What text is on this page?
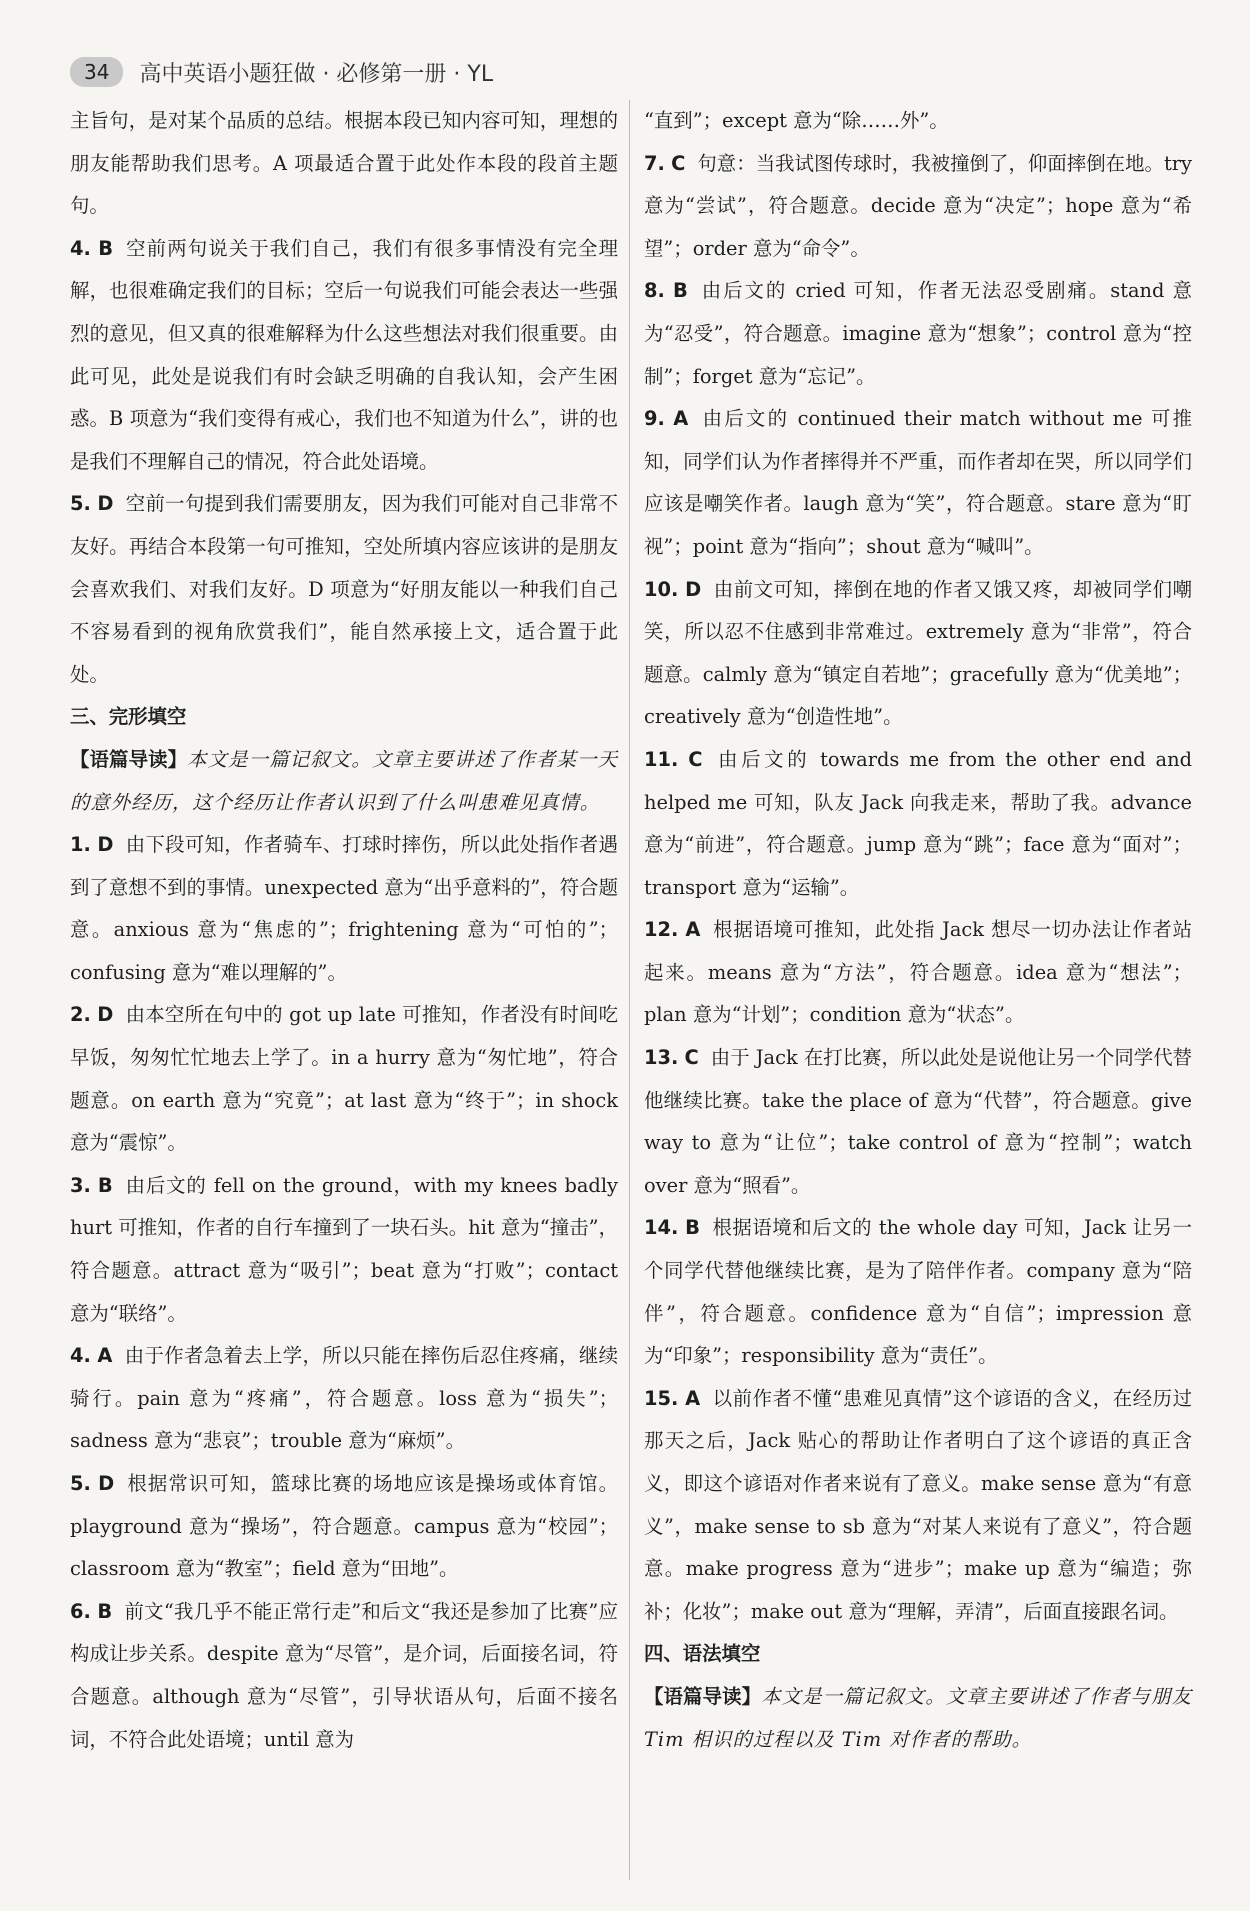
34	高中英语小题狂做 · 必修第一册 · YL

主旨句，是对某个品质的总结。根据本段已知内容可知，理想的朋友能帮助我们思考。A 项最适合置于此处作本段的段首主题句。

4. B 空前两句说关于我们自己，我们有很多事情没有完全理解，也很难确定我们的目标；空后一句说我们可能会表达一些强烈的意见，但又真的很难解释为什么这些想法对我们很重要。由此可见，此处是说我们有时会缺乏明确的自我认知，会产生困惑。B 项意为“我们变得有戒心，我们也不知道为什么”，讲的也是我们不理解自己的情况，符合此处语境。

5. D 空前一句提到我们需要朋友，因为我们可能对自己非常不友好。再结合本段第一句可推知，空处所填内容应该讲的是朋友会喜欢我们、对我们友好。D 项意为“好朋友能以一种我们自己不容易看到的视角欣赏我们”，能自然承接上文，适合置于此处。

三、完形填空

【语篇导读】本文是一篇记叙文。文章主要讲述了作者某一天的意外经历，这个经历让作者认识到了什么叫患难见真情。

1. D 由下段可知，作者骑车、打球时摔伤，所以此处指作者遇到了意想不到的事情。unexpected 意为“出乎意料的”，符合题意。anxious 意为“焦虑的”；frightening 意为“可怕的”；confusing 意为“难以理解的”。

2. D 由本空所在句中的 got up late 可推知，作者没有时间吃早饭，匆匆忙忙地去上学了。in a hurry 意为“匆忙地”，符合题意。on earth 意为“究竟”；at last 意为“终于”；in shock 意为“震惊”。

3. B 由后文的 fell on the ground，with my knees badly hurt 可推知，作者的自行车撞到了一块石头。hit 意为“撞击”，符合题意。attract 意为“吸引”；beat 意为“打败”；contact 意为“联络”。

4. A 由于作者急着去上学，所以只能在摔伤后忍住疼痛，继续骑行。pain 意为“疼痛”，符合题意。loss 意为“损失”；sadness 意为“悲哀”；trouble 意为“麻烦”。

5. D 根据常识可知，篮球比赛的场地应该是操场或体育馆。playground 意为“操场”，符合题意。campus 意为“校园”；classroom 意为“教室”；field 意为“田地”。

6. B 前文“我几乎不能正常行走”和后文“我还是参加了比赛”应构成让步关系。despite 意为“尽管”，是介词，后面接名词，符合题意。although 意为“尽管”，引导状语从句，后面不接名词，不符合此处语境；until 意为

“直到”；except 意为“除……外”。

7. C 句意：当我试图传球时，我被撞倒了，仰面摔倒在地。try 意为“尝试”，符合题意。decide 意为“决定”；hope 意为“希望”；order 意为“命令”。

8. B 由后文的 cried 可知，作者无法忍受剧痛。stand 意为“忍受”，符合题意。imagine 意为“想象”；control 意为“控制”；forget 意为“忘记”。

9. A 由后文的 continued their match without me 可推知，同学们认为作者摔得并不严重，而作者却在哭，所以同学们应该是嘲笑作者。laugh 意为“笑”，符合题意。stare 意为“盯视”；point 意为“指向”；shout 意为“喊叫”。

10. D 由前文可知，摔倒在地的作者又饿又疼，却被同学们嘲笑，所以忍不住感到非常难过。extremely 意为“非常”，符合题意。calmly 意为“镇定自若地”；gracefully 意为“优美地”；creatively 意为“创造性地”。

11. C 由后文的 towards me from the other end and helped me 可知，队友 Jack 向我走来，帮助了我。advance 意为“前进”，符合题意。jump 意为“跳”；face 意为“面对”；transport 意为“运输”。

12. A 根据语境可推知，此处指 Jack 想尽一切办法让作者站起来。means 意为“方法”，符合题意。idea 意为“想法”；plan 意为“计划”；condition 意为“状态”。

13. C 由于 Jack 在打比赛，所以此处是说他让另一个同学代替他继续比赛。take the place of 意为“代替”，符合题意。give way to 意为“让位”；take control of 意为“控制”；watch over 意为“照看”。

14. B 根据语境和后文的 the whole day 可知，Jack 让另一个同学代替他继续比赛，是为了陪伴作者。company 意为“陪伴”，符合题意。confidence 意为“自信”；impression 意为“印象”；responsibility 意为“责任”。

15. A 以前作者不懂“患难见真情”这个谚语的含义，在经历过那天之后，Jack 贴心的帮助让作者明白了这个谚语的真正含义，即这个谚语对作者来说有了意义。make sense 意为“有意义”，make sense to sb 意为“对某人来说有了意义”，符合题意。make progress 意为“进步”；make up 意为“编造；弥补；化妆”；make out 意为“理解，弄清”，后面直接跟名词。

四、语法填空

【语篇导读】本文是一篇记叙文。文章主要讲述了作者与朋友 Tim 相识的过程以及 Tim 对作者的帮助。
